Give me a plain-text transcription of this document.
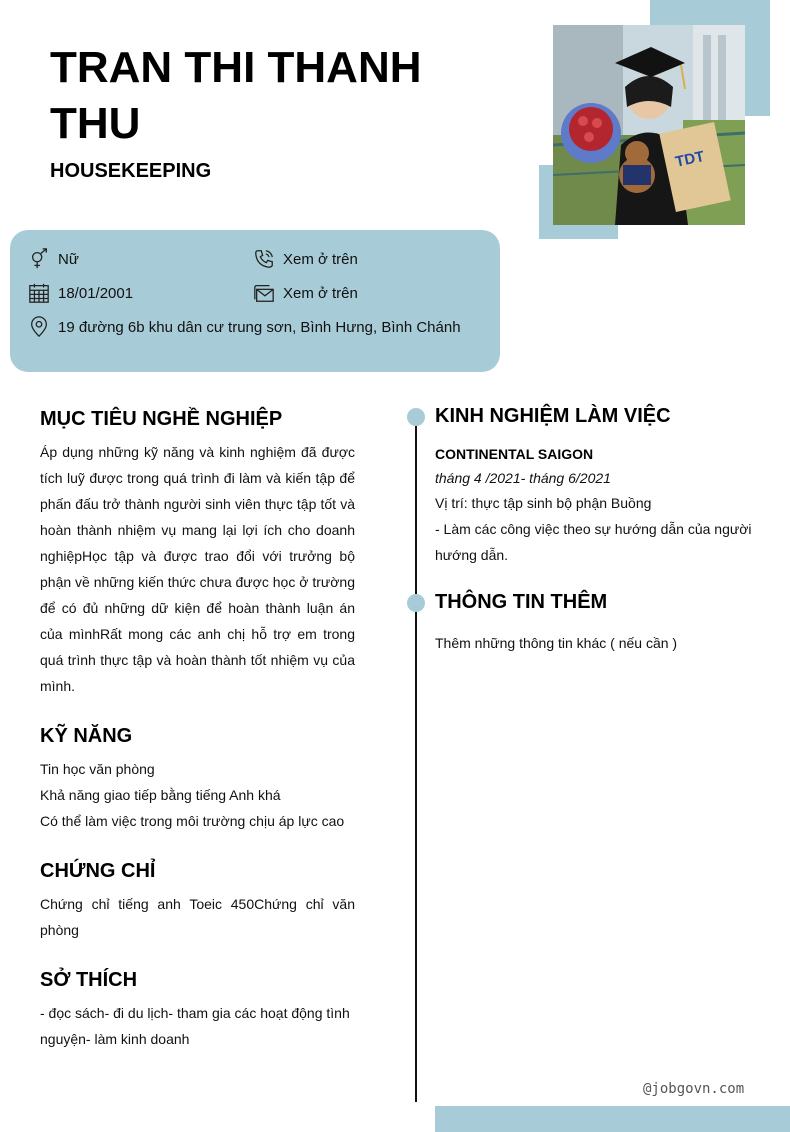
TRAN THI THANH THU
HOUSEKEEPING
TDT
Nữ	Xem ở trên
18/01/2001	Xem ở trên
19 đường 6b khu dân cư trung sơn, Bình Hưng, Bình Chánh
MỤC TIÊU NGHỀ NGHIỆP
Áp dụng những kỹ năng và kinh nghiệm đã được tích luỹ được trong quá trình đi làm và kiến tập để phấn đấu trở thành người sinh viên thực tập tốt và hoàn thành nhiệm vụ mang lại lợi ích cho doanh nghiệpHọc tập và được trao đổi với trưởng bộ phận về những kiến thức chưa được học ở trường để có đủ những dữ kiện để hoàn thành luận án của mìnhRất mong các anh chị hỗ trợ em trong quá trình thực tập và hoàn thành tốt nhiệm vụ của mình.
KỸ NĂNG
Tin học văn phòng
Khả năng giao tiếp bằng tiếng Anh khá
Có thể làm việc trong môi trường chịu áp lực cao
CHỨNG CHỈ
Chứng chỉ tiếng anh Toeic 450Chứng chỉ văn phòng
SỞ THÍCH
- đọc sách- đi du lịch- tham gia các hoạt động tình nguyện- làm kinh doanh
KINH NGHIỆM LÀM VIỆC
CONTINENTAL SAIGON
tháng 4 /2021- tháng 6/2021
Vị trí: thực tập sinh bộ phận Buồng
- Làm các công việc theo sự hướng dẫn của người hướng dẫn.
THÔNG TIN THÊM
Thêm những thông tin khác ( nếu cần )
@jobgovn.com
